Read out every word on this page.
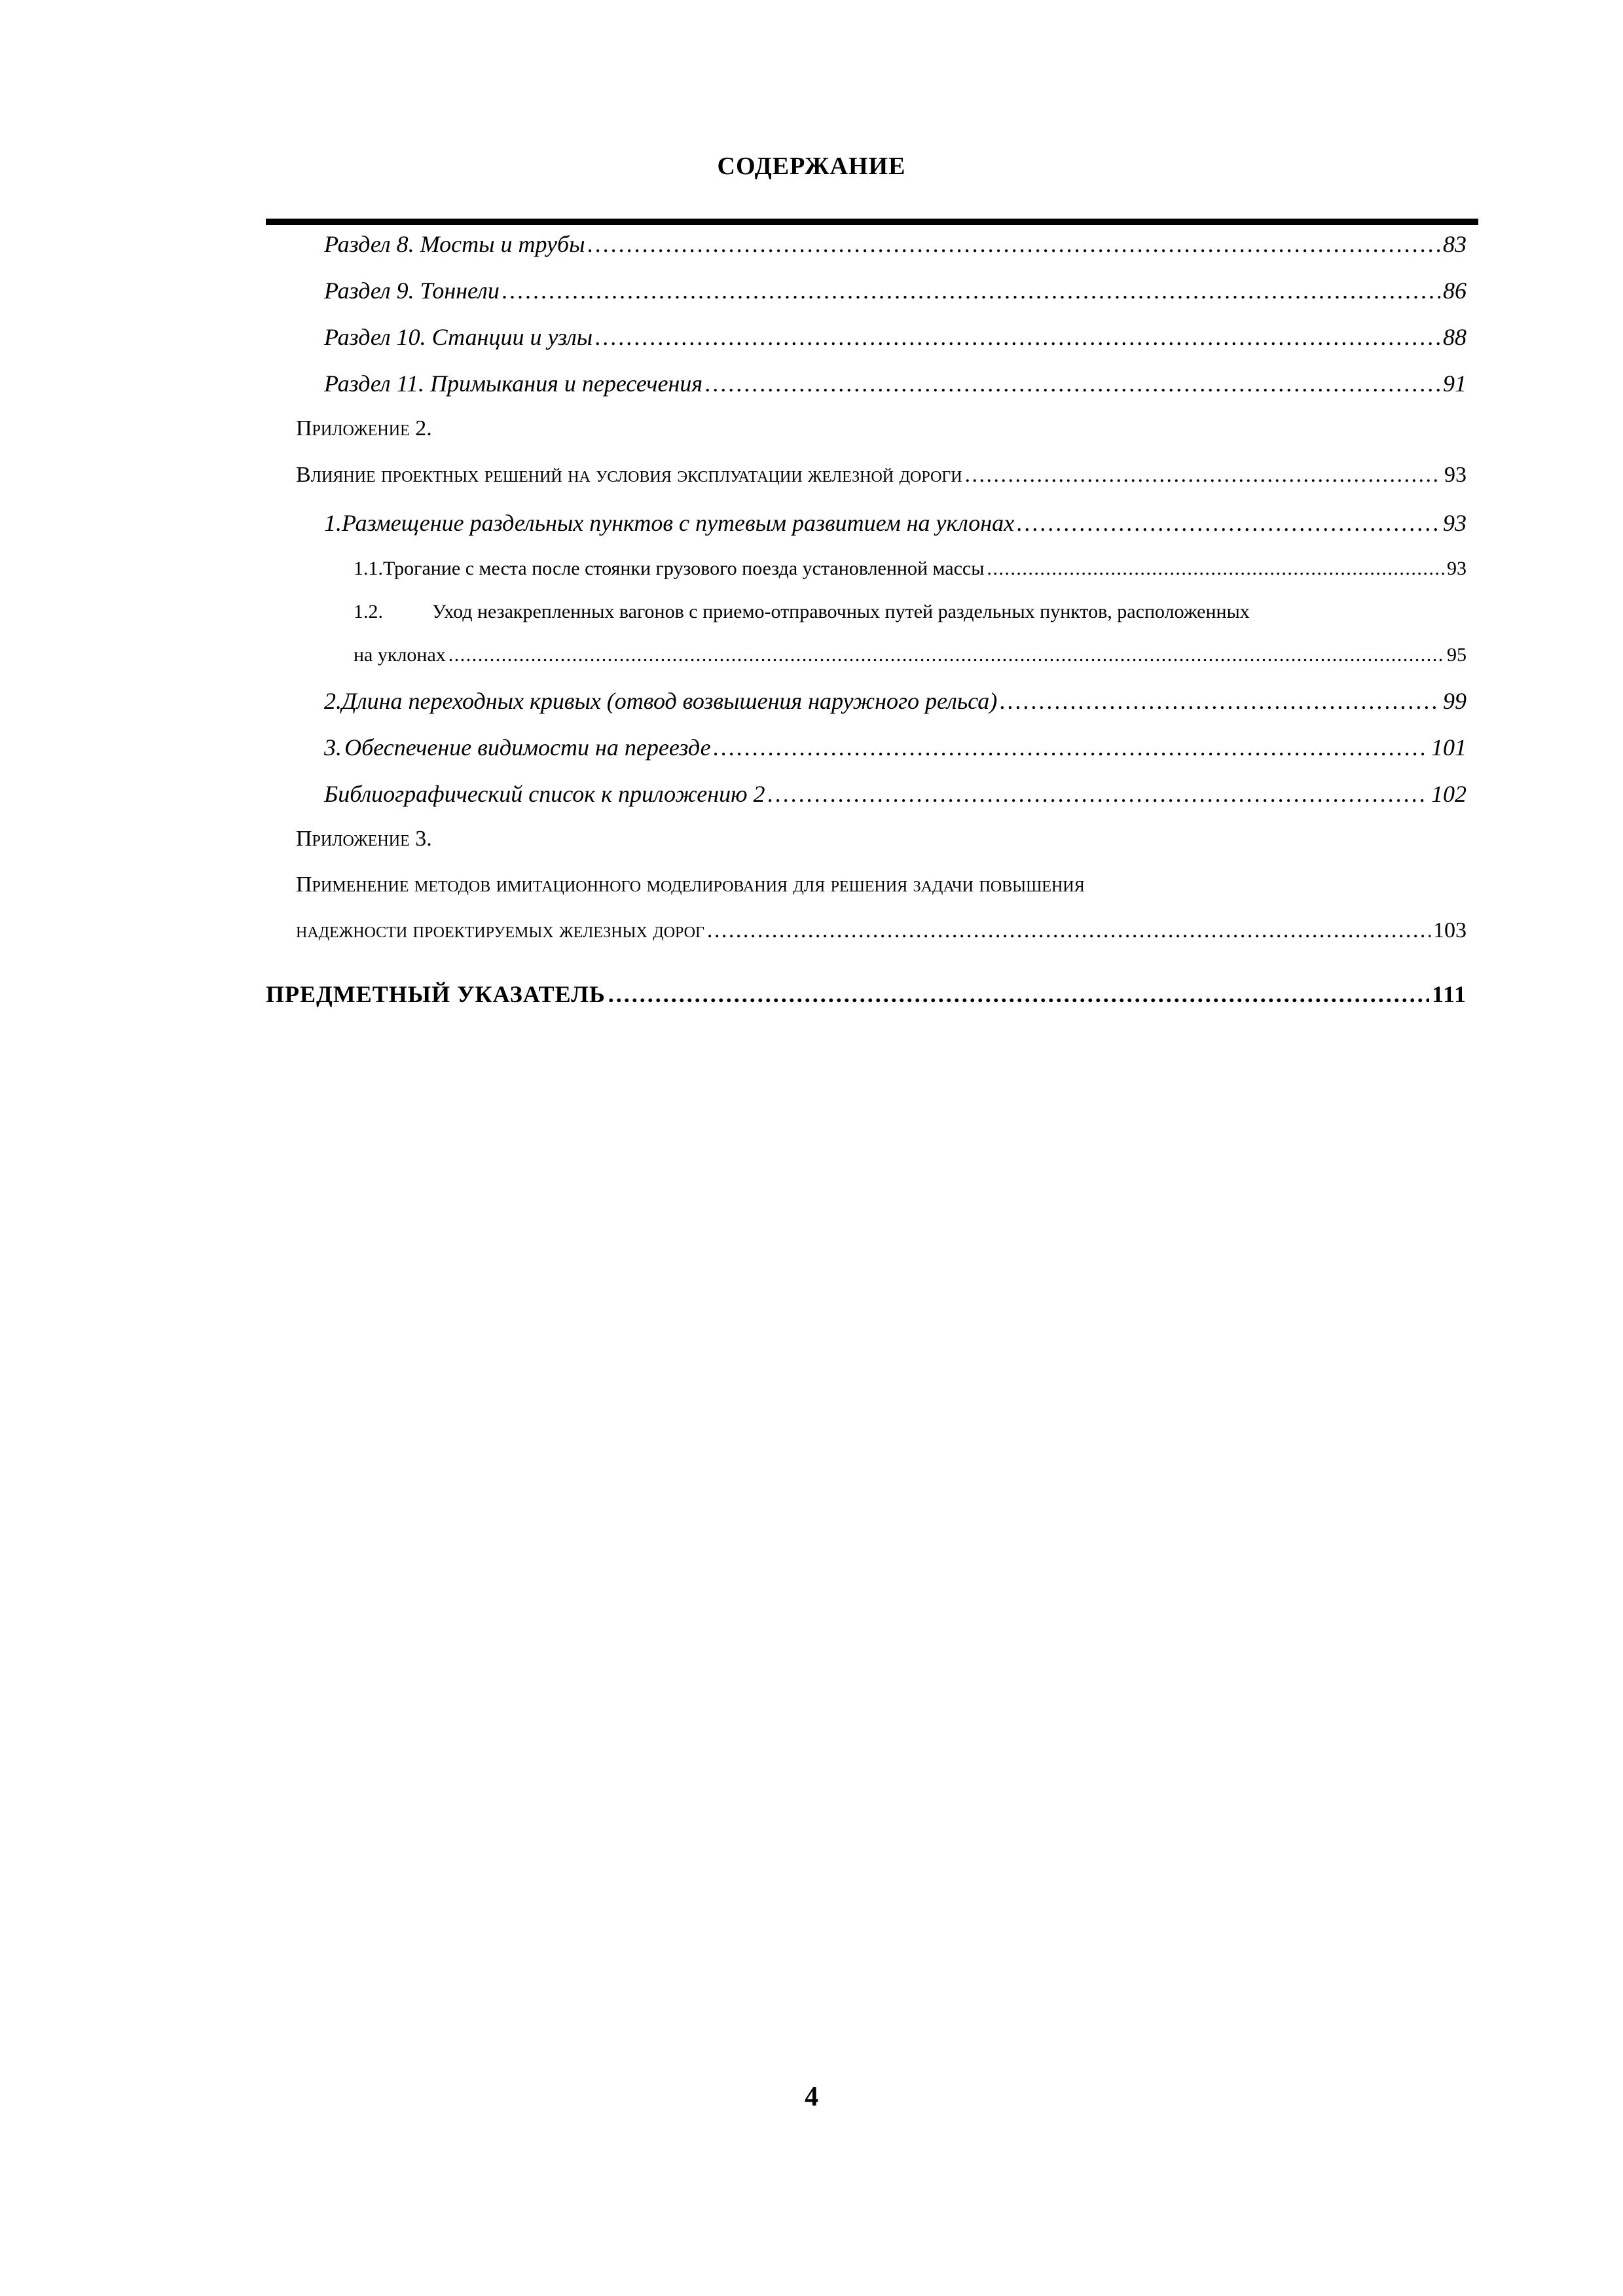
СОДЕРЖАНИЕ
Раздел 8. Мосты и трубы . . .	83
Раздел 9. Тоннели . . .	86
Раздел 10. Станции и узлы . . .	88
Раздел 11. Примыкания и пересечения . . .	91
Приложение 2.
Влияние проектных решений на условия эксплуатации железной дороги . . .	93
1. Размещение раздельных пунктов с путевым развитием на уклонах . . .	93
1.1. Трогание с места после стоянки грузового поезда установленной массы . . .	93
1.2.	Уход незакрепленных вагонов с приемо-отправочных путей раздельных пунктов, расположенных
на уклонах . . .	95
2. Длина переходных кривых (отвод возвышения наружного рельса) . . .	99
3. Обеспечение видимости на переезде . . .	101
Библиографический список к приложению 2 . . .	102
Приложение 3.
Применение методов имитационного моделирования для решения задачи повышения
надежности проектируемых железных дорог . . .	103
ПРЕДМЕТНЫЙ УКАЗАТЕЛЬ . . .	111
4
